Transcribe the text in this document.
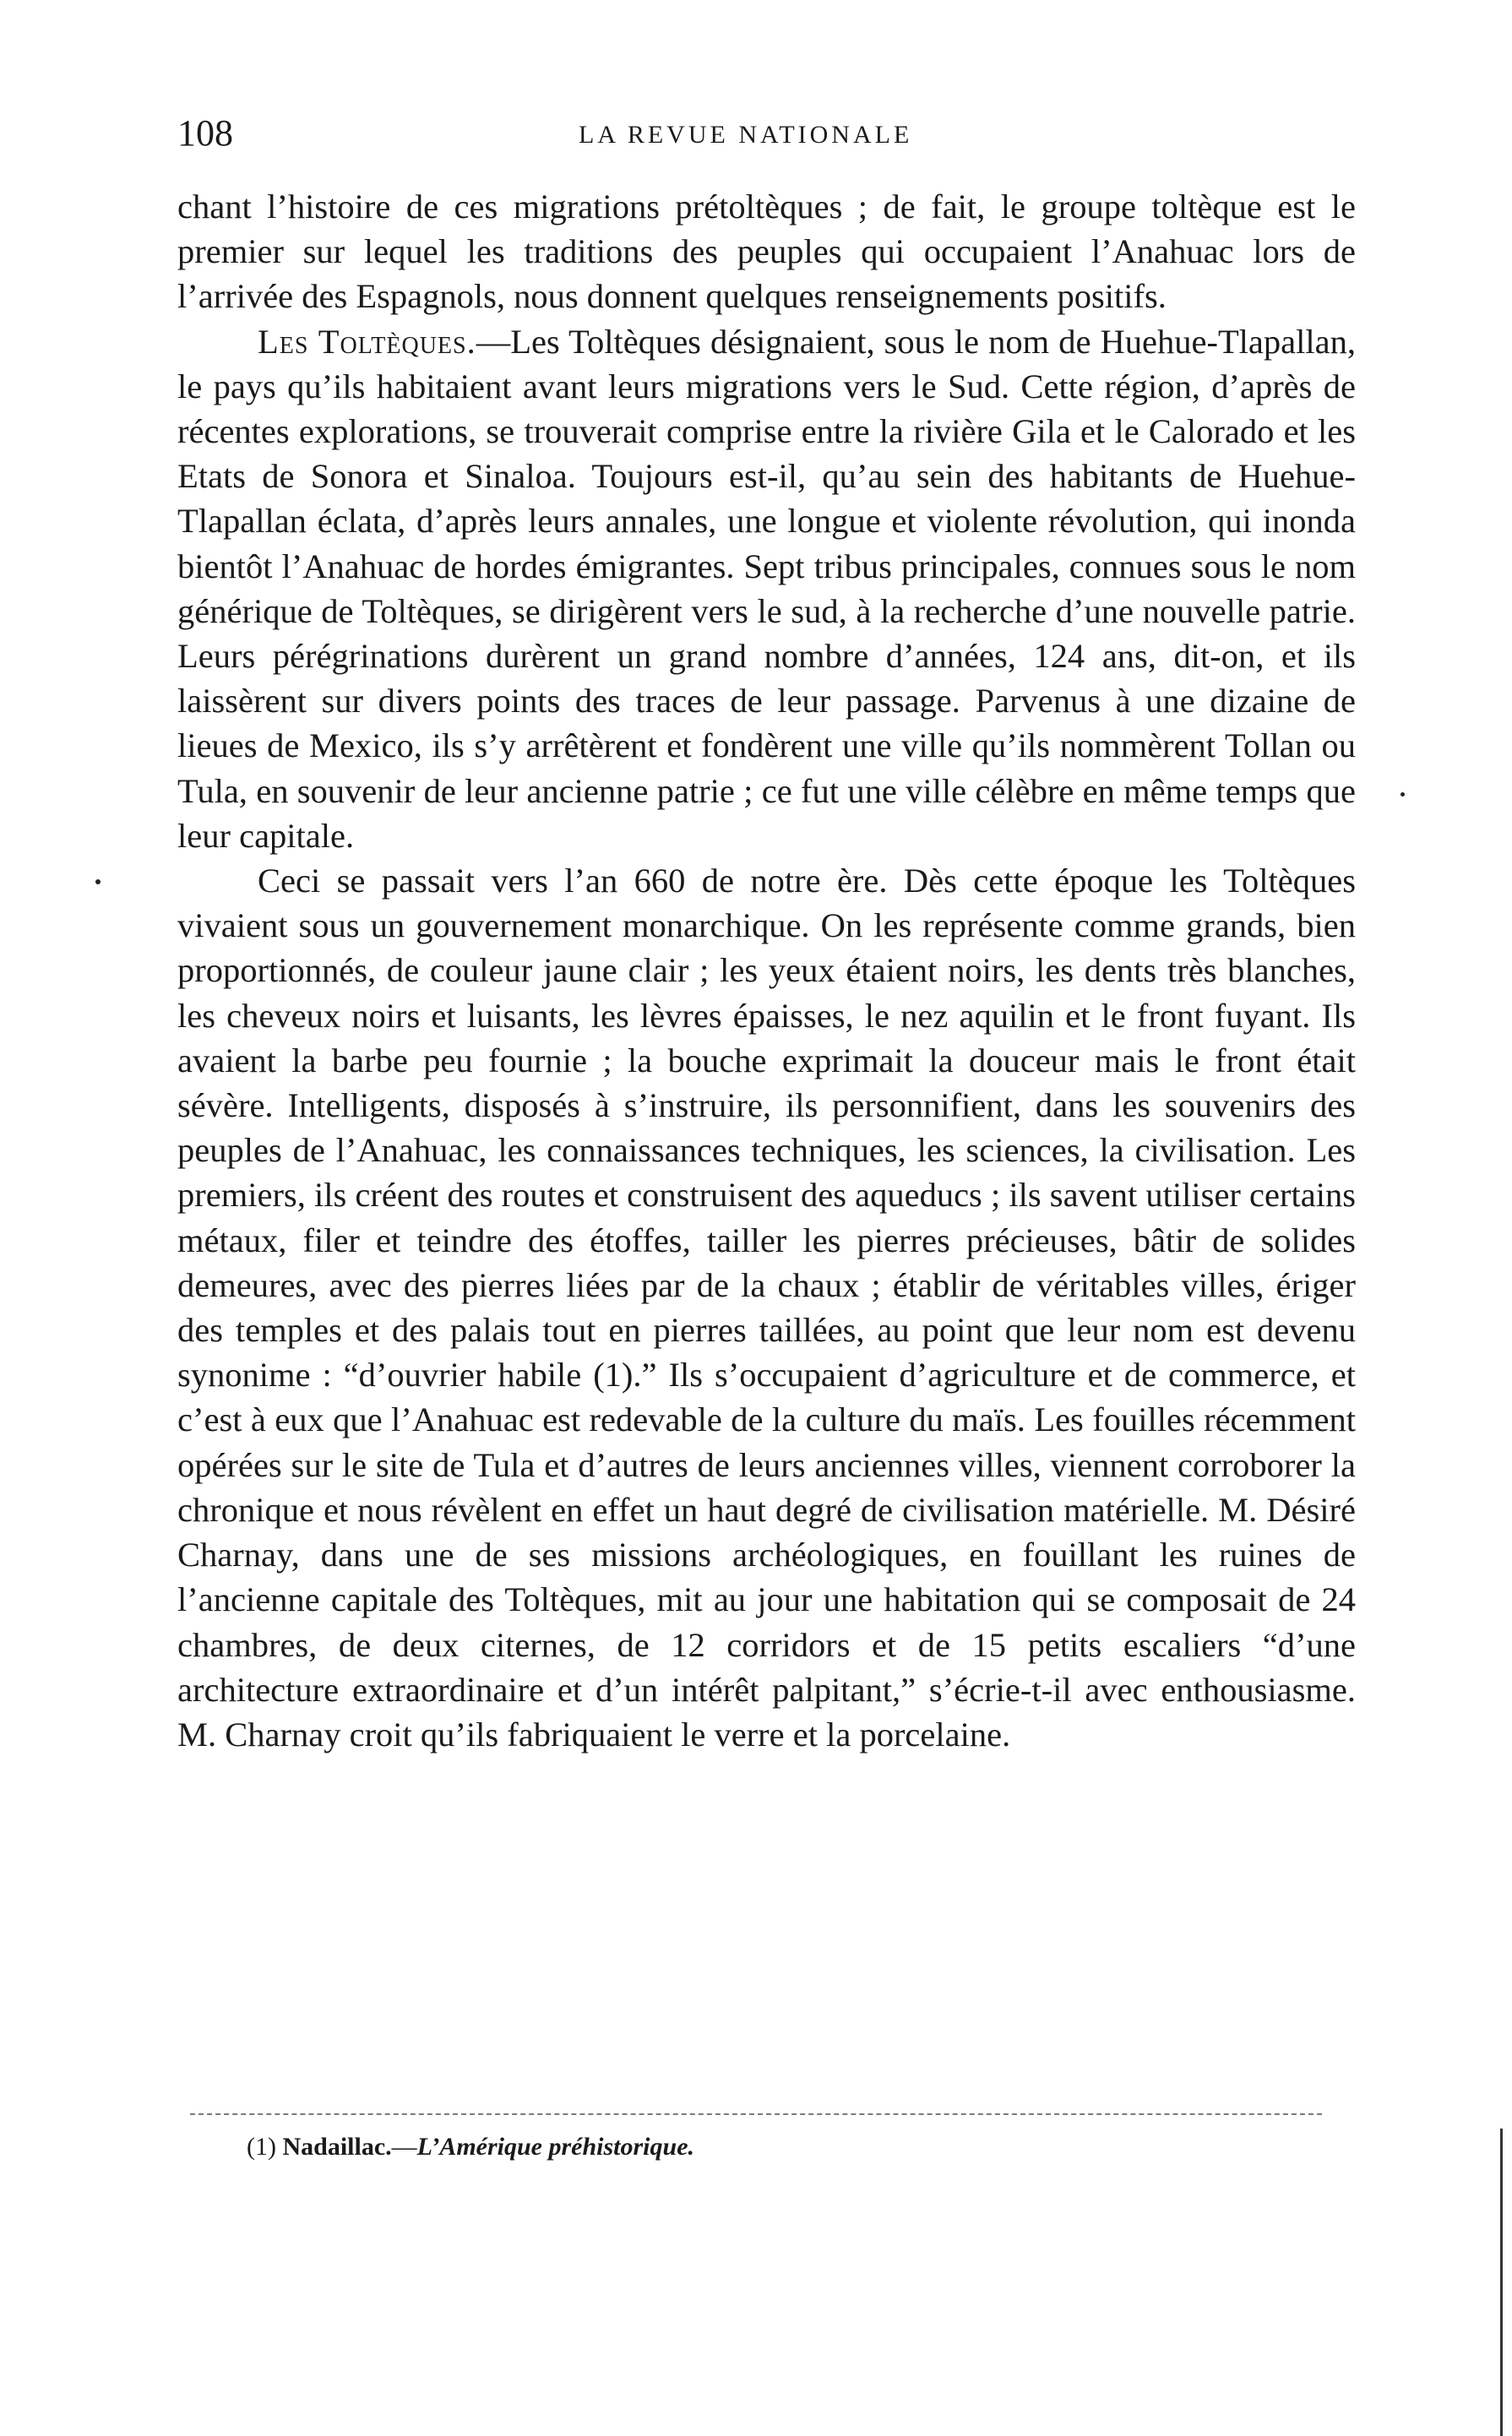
108	LA REVUE NATIONALE

chant l’histoire de ces migrations prétoltèques ; de fait, le groupe toltèque est le premier sur lequel les traditions des peuples qui occupaient l’Anahuac lors de l’arrivée des Espagnols, nous donnent quelques renseignements positifs.

Les Toltèques.—Les Toltèques désignaient, sous le nom de Huehue-Tlapallan, le pays qu’ils habitaient avant leurs migrations vers le Sud. Cette région, d’après de récentes explorations, se trouverait comprise entre la rivière Gila et le Calorado et les Etats de Sonora et Sinaloa. Toujours est-il, qu’au sein des habitants de Huehue-Tlapallan éclata, d’après leurs annales, une longue et violente révolution, qui inonda bientôt l’Anahuac de hordes émigrantes. Sept tribus principales, connues sous le nom générique de Toltèques, se dirigèrent vers le sud, à la recherche d’une nouvelle patrie. Leurs pérégrinations durèrent un grand nombre d’années, 124 ans, dit-on, et ils laissèrent sur divers points des traces de leur passage. Parvenus à une dizaine de lieues de Mexico, ils s’y arrêtèrent et fondèrent une ville qu’ils nommèrent Tollan ou Tula, en souvenir de leur ancienne patrie ; ce fut une ville célèbre en même temps que leur capitale.

Ceci se passait vers l’an 660 de notre ère. Dès cette époque les Toltèques vivaient sous un gouvernement monarchique. On les représente comme grands, bien proportionnés, de couleur jaune clair ; les yeux étaient noirs, les dents très blanches, les cheveux noirs et luisants, les lèvres épaisses, le nez aquilin et le front fuyant. Ils avaient la barbe peu fournie ; la bouche exprimait la douceur mais le front était sévère. Intelligents, disposés à s’instruire, ils personnifient, dans les souvenirs des peuples de l’Anahuac, les connaissances techniques, les sciences, la civilisation. Les premiers, ils créent des routes et construisent des aqueducs ; ils savent utiliser certains métaux, filer et teindre des étoffes, tailler les pierres précieuses, bâtir de solides demeures, avec des pierres liées par de la chaux ; établir de véritables villes, ériger des temples et des palais tout en pierres taillées, au point que leur nom est devenu synonime : “d’ouvrier habile (1).” Ils s’occupaient d’agriculture et de commerce, et c’est à eux que l’Anahuac est redevable de la culture du maïs. Les fouilles récemment opérées sur le site de Tula et d’autres de leurs anciennes villes, viennent corroborer la chronique et nous révèlent en effet un haut degré de civilisation matérielle. M. Désiré Charnay, dans une de ses missions archéologiques, en fouillant les ruines de l’ancienne capitale des Toltèques, mit au jour une habitation qui se composait de 24 chambres, de deux citernes, de 12 corridors et de 15 petits escaliers “d’une architecture extraordinaire et d’un intérêt palpitant,” s’écrie-t-il avec enthousiasme. M. Charnay croit qu’ils fabriquaient le verre et la porcelaine.

(1) Nadaillac.—L’Amérique préhistorique.
